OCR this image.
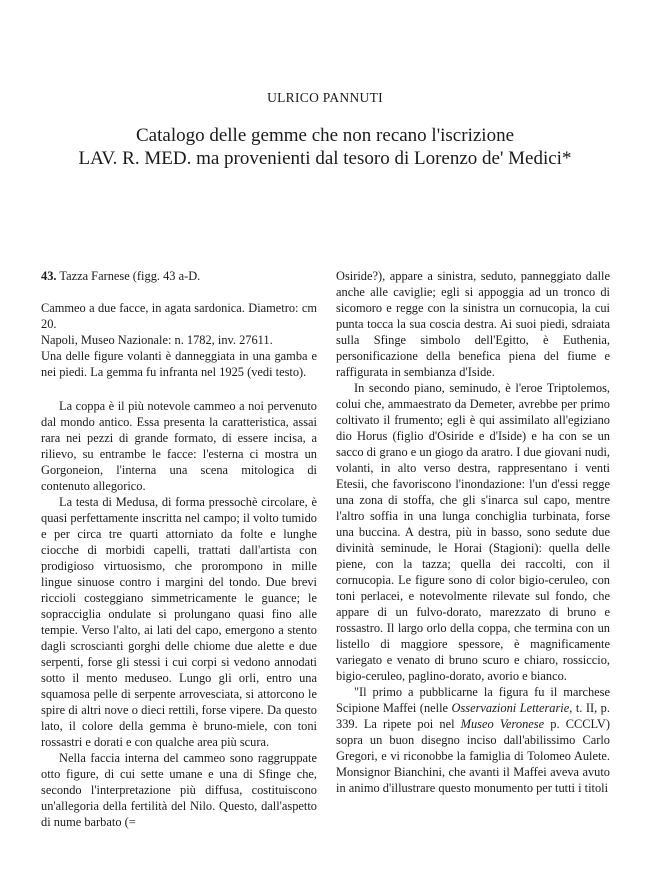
ULRICO PANNUTI
Catalogo delle gemme che non recano l'iscrizione
LAV. R. MED. ma provenienti dal tesoro di Lorenzo de' Medici*

43. Tazza Farnese (figg. 43 a-D.

Cammeo a due facce, in agata sardonica. Diametro: cm 20.

Napoli, Museo Nazionale: n. 1782, inv. 27611.

Una delle figure volanti è danneggiata in una gamba e nei piedi. La gemma fu infranta nel 1925 (vedi testo).

La coppa è il più notevole cammeo a noi pervenuto dal mondo antico. Essa presenta la caratteristica, assai rara nei pezzi di grande formato, di essere incisa, a rilievo, su entrambe le facce: l'esterna ci mostra un Gorgoneion, l'interna una scena mitologica di contenuto allegorico.

La testa di Medusa, di forma pressochè circolare, è quasi perfettamente inscritta nel campo; il volto tumido e per circa tre quarti attorniato da folte e lunghe ciocche di morbidi capelli, trattati dall'artista con prodigioso virtuosismo, che prorompono in mille lingue sinuose contro i margini del tondo. Due brevi riccioli costeggiano simmetricamente le guance; le sopracciglia ondulate si prolungano quasi fino alle tempie. Verso l'alto, ai lati del capo, emergono a stento dagli scroscianti gorghi delle chiome due alette e due serpenti, forse gli stessi i cui corpi si vedono annodati sotto il mento meduseo. Lungo gli orli, entro una squamosa pelle di serpente arrovesciata, si attorcono le spire di altri nove o dieci rettili, forse vipere. Da questo lato, il colore della gemma è bruno-miele, con toni rossastri e dorati e con qualche area più scura.

Nella faccia interna del cammeo sono raggruppate otto figure, di cui sette umane e una di Sfinge che, secondo l'interpretazione più diffusa, costituiscono un'allegoria della fertilità del Nilo. Questo, dall'aspetto di nume barbato (=

Osiride?), appare a sinistra, seduto, panneggiato dalle anche alle caviglie; egli si appoggia ad un tronco di sicomoro e regge con la sinistra un cornucopia, la cui punta tocca la sua coscia destra. Ai suoi piedi, sdraiata sulla Sfinge simbolo dell'Egitto, è Euthenia, personificazione della benefica piena del fiume e raffigurata in sembianza d'Iside.

In secondo piano, seminudo, è l'eroe Triptolemos, colui che, ammaestrato da Demeter, avrebbe per primo coltivato il frumento; egli è qui assimilato all'egiziano dio Horus (figlio d'Osiride e d'Iside) e ha con se un sacco di grano e un giogo da aratro. I due giovani nudi, volanti, in alto verso destra, rappresentano i venti Etesii, che favoriscono l'inondazione: l'un d'essi regge una zona di stoffa, che gli s'inarca sul capo, mentre l'altro soffia in una lunga conchiglia turbinata, forse una buccina. A destra, più in basso, sono sedute due divinità seminude, le Horai (Stagioni): quella delle piene, con la tazza; quella dei raccolti, con il cornucopia. Le figure sono di color bigio-ceruleo, con toni perlacei, e notevolmente rilevate sul fondo, che appare di un fulvo-dorato, marezzato di bruno e rossastro. Il largo orlo della coppa, che termina con un listello di maggiore spessore, è magnificamente variegato e venato di bruno scuro e chiaro, rossiccio, bigio-ceruleo, paglino-dorato, avorio e bianco.

"Il primo a pubblicarne la figura fu il marchese Scipione Maffei (nelle Osservazioni Letterarie, t. II, p. 339. La ripete poi nel Museo Veronese p. CCCLV) sopra un buon disegno inciso dall'abilissimo Carlo Gregori, e vi riconobbe la famiglia di Tolomeo Aulete. Monsignor Bianchini, che avanti il Maffei aveva avuto in animo d'illustrare questo monumento per tutti i titoli
